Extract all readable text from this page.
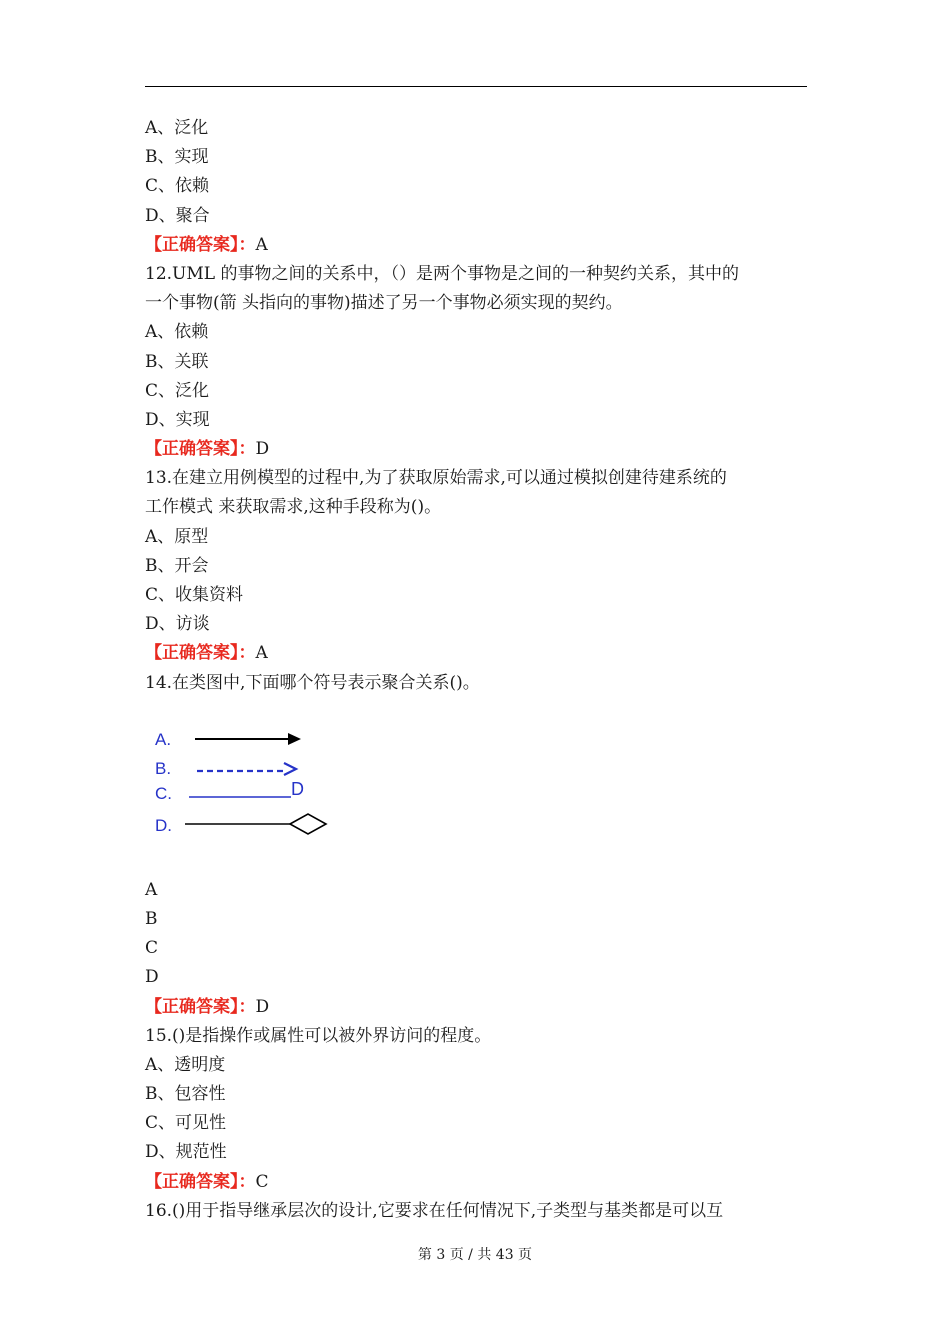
A、泛化
B、实现
C、依赖
D、聚合
【正确答案】：A
12.UML 的事物之间的关系中，（）是两个事物是之间的一种契约关系，其中的
一个事物(箭 头指向的事物)描述了另一个事物必须实现的契约。
A、依赖
B、关联
C、泛化
D、实现
【正确答案】：D
13.在建立用例模型的过程中,为了获取原始需求,可以通过模拟创建待建系统的
工作模式 来获取需求,这种手段称为()。
A、原型
B、开会
C、收集资料
D、访谈
【正确答案】：A
14.在类图中,下面哪个符号表示聚合关系()。
A.
B.
C.	D
D.
A
B
C
D
【正确答案】：D
15.()是指操作或属性可以被外界访问的程度。
A、透明度
B、包容性
C、可见性
D、规范性
【正确答案】：C
16.()用于指导继承层次的设计,它要求在任何情况下,子类型与基类都是可以互
第 3 页 / 共 43 页
